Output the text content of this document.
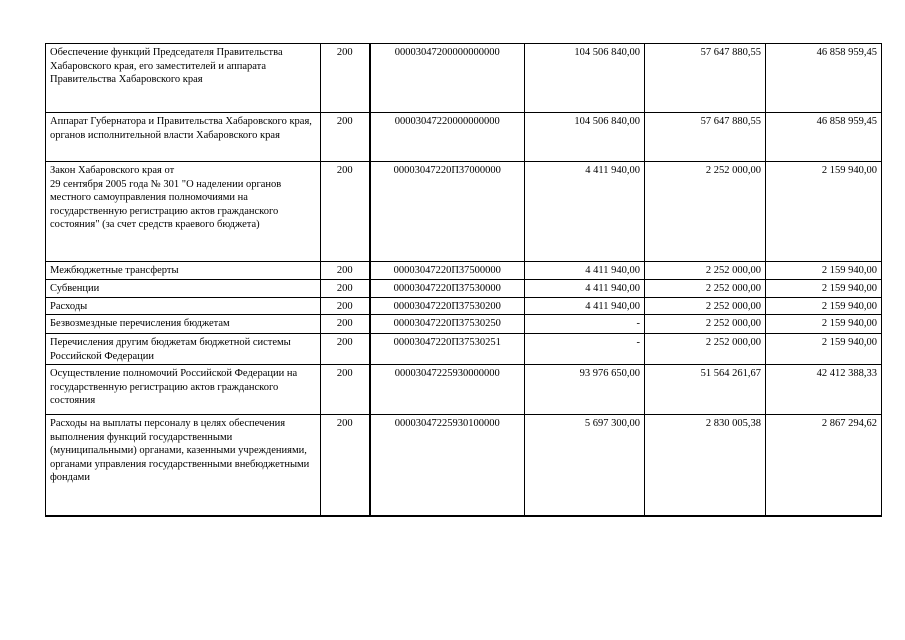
Обеспечение функций Председателя Правительства Хабаровского края, его заместителей и аппарата Правительства Хабаровского края	200	00003047200000000000	104 506 840,00	57 647 880,55	46 858 959,45
Аппарат Губернатора и Правительства Хабаровского края, органов исполнительной власти Хабаровского края	200	00003047220000000000	104 506 840,00	57 647 880,55	46 858 959,45
Закон Хабаровского края от
29 сентября 2005 года № 301 "О наделении органов местного самоуправления полномочиями на государственную регистрацию актов гражданского состояния" (за счет средств краевого бюджета)	200	00003047220П37000000	4 411 940,00	2 252 000,00	2 159 940,00
Межбюджетные трансферты	200	00003047220П37500000	4 411 940,00	2 252 000,00	2 159 940,00
Субвенции	200	00003047220П37530000	4 411 940,00	2 252 000,00	2 159 940,00
Расходы	200	00003047220П37530200	4 411 940,00	2 252 000,00	2 159 940,00
Безвозмездные перечисления бюджетам	200	00003047220П37530250	-	2 252 000,00	2 159 940,00
Перечисления другим бюджетам бюджетной системы Российской Федерации	200	00003047220П37530251	-	2 252 000,00	2 159 940,00
Осуществление полномочий Российской Федерации на государственную регистрацию актов гражданского состояния	200	00003047225930000000	93 976 650,00	51 564 261,67	42 412 388,33
Расходы на выплаты персоналу в целях обеспечения выполнения функций государственными (муниципальными) органами, казенными учреждениями, органами управления государственными внебюджетными фондами	200	00003047225930100000	5 697 300,00	2 830 005,38	2 867 294,62
